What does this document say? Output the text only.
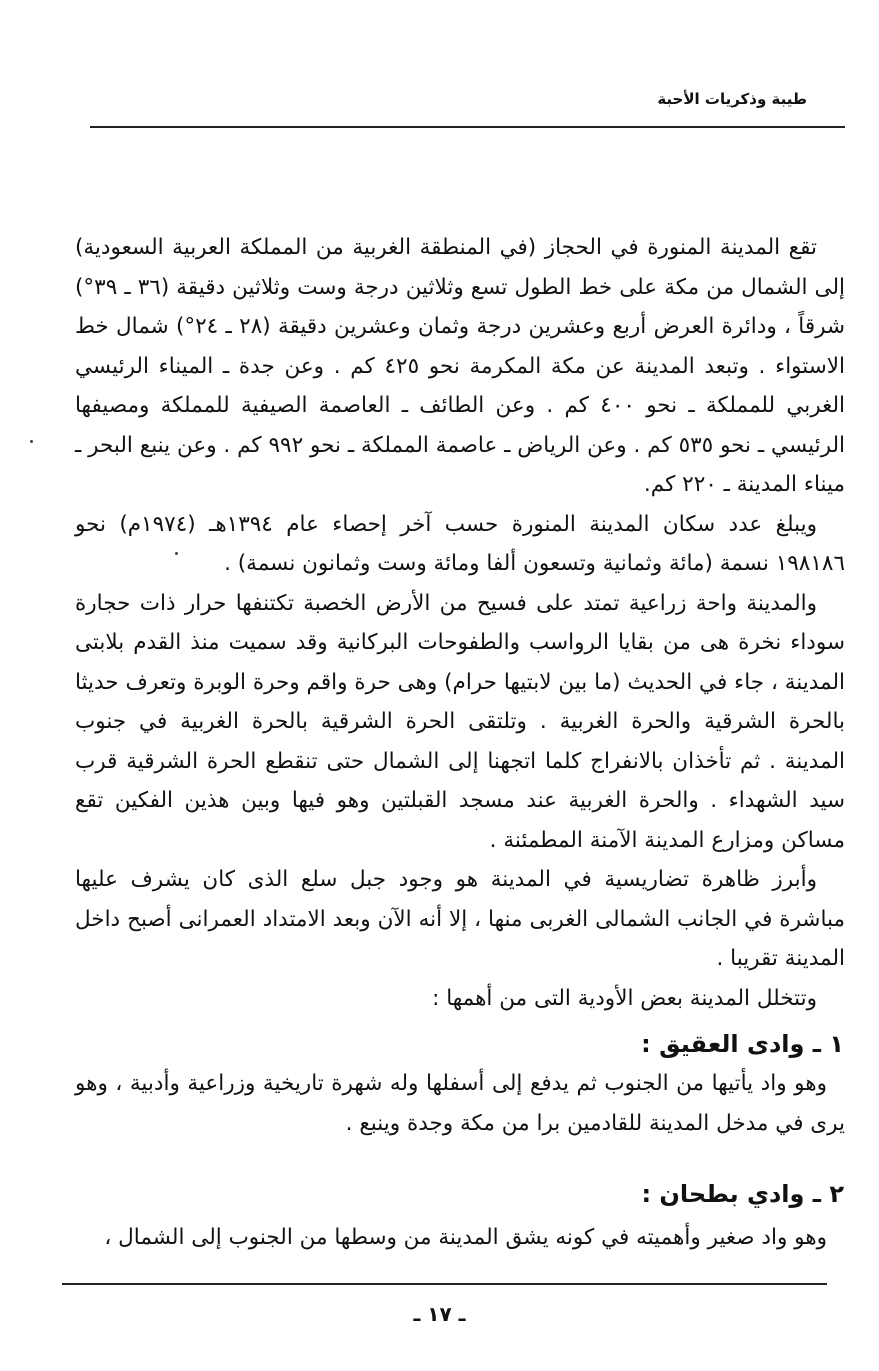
طيبة وذكريات الأحبة

تقع المدينة المنورة في الحجاز (في المنطقة الغربية من المملكة العربية السعودية) إلى الشمال من مكة على خط الطول تسع وثلاثين درجة وست وثلاثين دقيقة (٣٦ ـ ٣٩°) شرقاً ، ودائرة العرض أربع وعشرين درجة وثمان وعشرين دقيقة (٢٨ ـ ٢٤°) شمال خط الاستواء . وتبعد المدينة عن مكة المكرمة نحو ٤٢٥ كم . وعن جدة ـ الميناء الرئيسي الغربي للمملكة ـ نحو ٤٠٠ كم . وعن الطائف ـ العاصمة الصيفية للمملكة ومصيفها الرئيسي ـ نحو ٥٣٥ كم . وعن الرياض ـ عاصمة المملكة ـ نحو ٩٩٢ كم . وعن ينبع البحر ـ ميناء المدينة ـ ٢٢٠ كم.

ويبلغ عدد سكان المدينة المنورة حسب آخر إحصاء عام ١٣٩٤هـ (١٩٧٤م) نحو ١٩٨١٨٦ نسمة (مائة وثمانية وتسعون ألفا ومائة وست وثمانون نسمة) .

والمدينة واحة زراعية تمتد على فسيح من الأرض الخصبة تكتنفها حرار ذات حجارة سوداء نخرة هى من بقايا الرواسب والطفوحات البركانية وقد سميت منذ القدم بلابتى المدينة ، جاء في الحديث (ما بين لابتيها حرام) وهى حرة واقم وحرة الوبرة وتعرف حديثا بالحرة الشرقية والحرة الغربية . وتلتقى الحرة الشرقية بالحرة الغربية في جنوب المدينة . ثم تأخذان بالانفراج كلما اتجهنا إلى الشمال حتى تنقطع الحرة الشرقية قرب سيد الشهداء . والحرة الغربية عند مسجد القبلتين وهو فيها وبين هذين الفكين تقع مساكن ومزارع المدينة الآمنة المطمئنة .

وأبرز ظاهرة تضاريسية في المدينة هو وجود جبل سلع الذى كان يشرف عليها مباشرة في الجانب الشمالى الغربى منها ، إلا أنه الآن وبعد الامتداد العمرانى أصبح داخل المدينة تقريبا .

وتتخلل المدينة بعض الأودية التى من أهمها :

١ ـ وادى العقيق :

وهو واد يأتيها من الجنوب ثم يدفع إلى أسفلها وله شهرة تاريخية وزراعية وأدبية ، وهو يرى في مدخل المدينة للقادمين برا من مكة وجدة وينبع .

٢ ـ وادي بطحان :

وهو واد صغير وأهميته في كونه يشق المدينة من وسطها من الجنوب إلى الشمال ،

ـ ١٧ ـ
